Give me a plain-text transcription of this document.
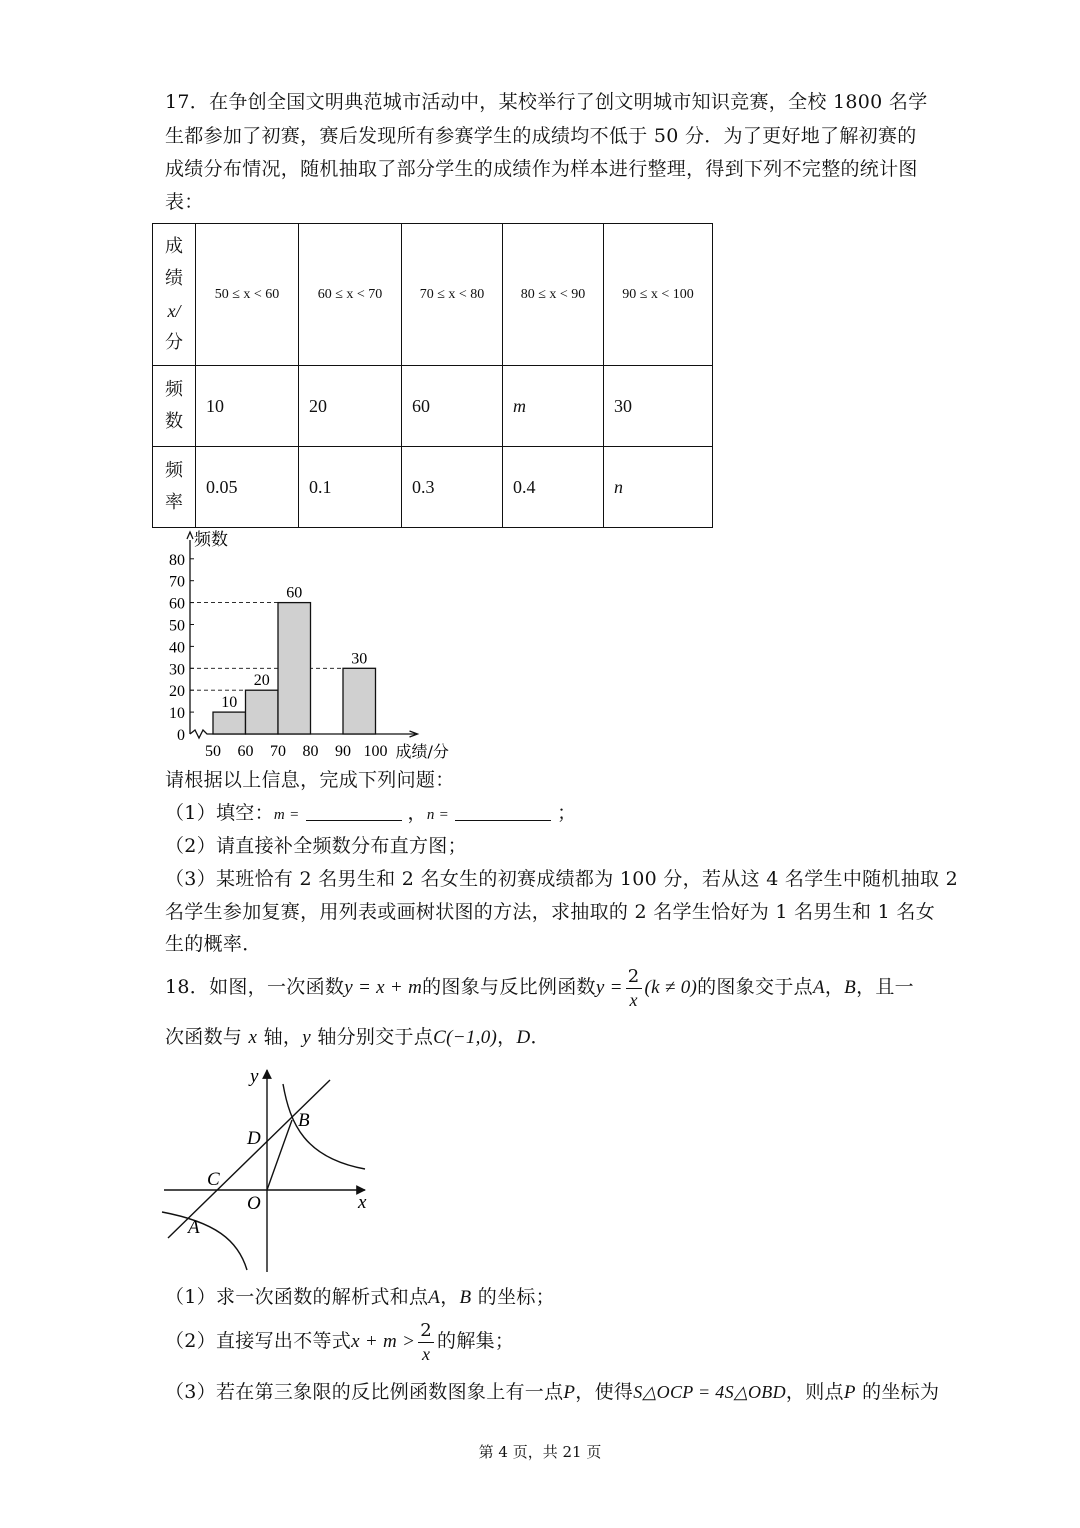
17．在争创全国文明典范城市活动中，某校举行了创文明城市知识竞赛，全校 1800 名学
生都参加了初赛，赛后发现所有参赛学生的成绩均不低于 50 分．为了更好地了解初赛的
成绩分布情况，随机抽取了部分学生的成绩作为样本进行整理，得到下列不完整的统计图
表：
成
绩
x/
分	50 ≤ x < 60	60 ≤ x < 70	70 ≤ x < 80	80 ≤ x < 90	90 ≤ x < 100

频
数	10	20	60	m	30

频
率	0.05	0.1	0.3	0.4	n
0
10
20
30
40
50
60
70
80
50 60 70 80 90 100
10
20
60
30
频数
成绩/分
请根据以上信息，完成下列问题：
（1）填空：m =	，n =	；
（2）请直接补全频数分布直方图；
（3）某班恰有 2 名男生和 2 名女生的初赛成绩都为 100 分，若从这 4 名学生中随机抽取 2
名学生参加复赛，用列表或画树状图的方法，求抽取的 2 名学生恰好为 1 名男生和 1 名女
生的概率．
18．如图，一次函数y = x + m的图象与反比例函数$y = \frac{2}{x} (k \ne 0)$的图象交于点A，B，且一
次函数与 x 轴，y 轴分别交于点C(−1,0)，D．
y
x
O
A
B
C
D
（1）求一次函数的解析式和点A，B 的坐标；
（2）直接写出不等式$x + m > \frac{2}{x}$ 的解集；
（3）若在第三象限的反比例函数图象上有一点P，使得S△OCP = 4S△OBD，则点P 的坐标为
第 4 页，共 21 页
